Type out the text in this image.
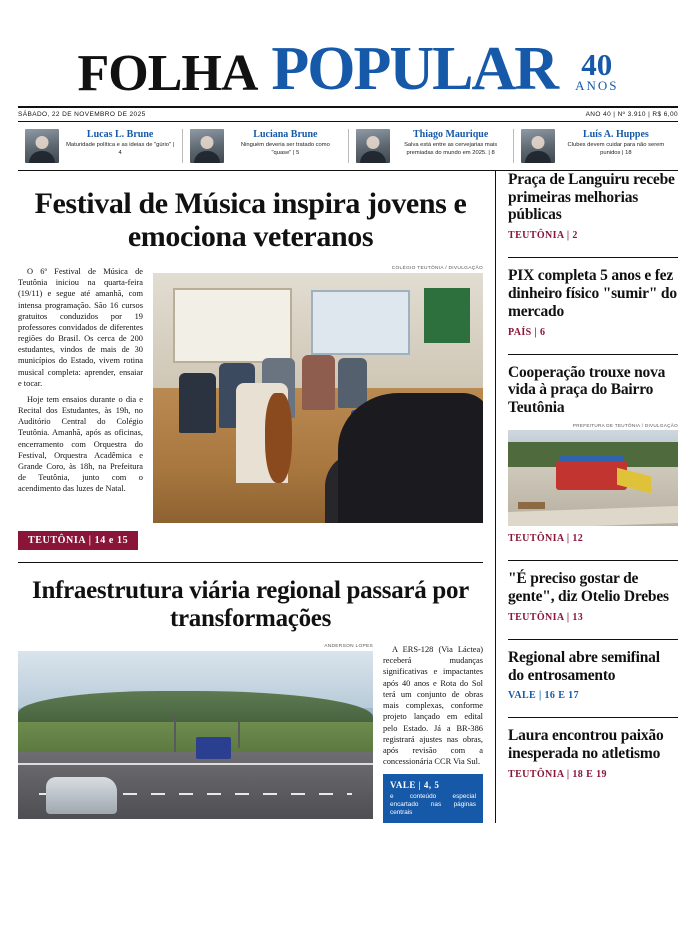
FOLHA POPULAR 40
ANOS
SÁBADO, 22 DE NOVEMBRO DE 2025	ANO 40 | Nº 3.910 | R$ 6,00
Lucas L. Brune
Maturidade política e as ideias de "gúrio" | 4
Luciana Brune
Ninguém deveria ser tratado como "quase" | 5
Thiago Maurique
Salva está entre as cervejarias mais premiadas do mundo em 2025. | 8
Luís A. Huppes
Clubes devem cuidar para não serem punidos | 18
Festival de Música inspira jovens e emociona veteranos

O 6º Festival de Música de Teutônia iniciou na quarta-feira (19/11) e segue até amanhã, com intensa programação. São 16 cursos gratuitos conduzidos por 19 professores convidados de diferentes regiões do Brasil. Os cerca de 200 estudantes, vindos de mais de 30 municípios do Estado, vivem rotina musical completa: aprender, ensaiar e tocar.

Hoje tem ensaios durante o dia e Recital dos Estudantes, às 19h, no Auditório Central do Colégio Teutônia. Amanhã, após as oficinas, encerramento com Orquestra do Festival, Orquestra Acadêmica e Grande Coro, às 18h, na Prefeitura de Teutônia, junto com o acendimento das luzes de Natal.

COLÉGIO TEUTÔNIA / DIVULGAÇÃO
TEUTÔNIA | 14 e 15
Infraestrutura viária regional passará por transformações
ANDERSON LOPES	A ERS-128 (Via Láctea) receberá mudanças significativas e impactantes após 40 anos e Rota do Sol terá um conjunto de obras mais complexas, conforme projeto lançado em edital pelo Estado. Já a BR-386 registrará ajustes nas obras, após revisão com a concessionária CCR Via Sul.

VALE | 4, 5
e conteúdo especial encartado nas páginas centrais
Praça de Languiru recebe primeiras melhorias públicas
TEUTÔNIA | 2
PIX completa 5 anos e fez dinheiro físico "sumir" do mercado
PAÍS | 6
Cooperação trouxe nova vida à praça do Bairro Teutônia
PREFEITURA DE TEUTÔNIA / DIVULGAÇÃO
TEUTÔNIA | 12
"É preciso gostar de gente", diz Otelio Drebes
TEUTÔNIA | 13
Regional abre semifinal do entrosamento
VALE | 16 E 17
Laura encontrou paixão inesperada no atletismo
TEUTÔNIA | 18 E 19
